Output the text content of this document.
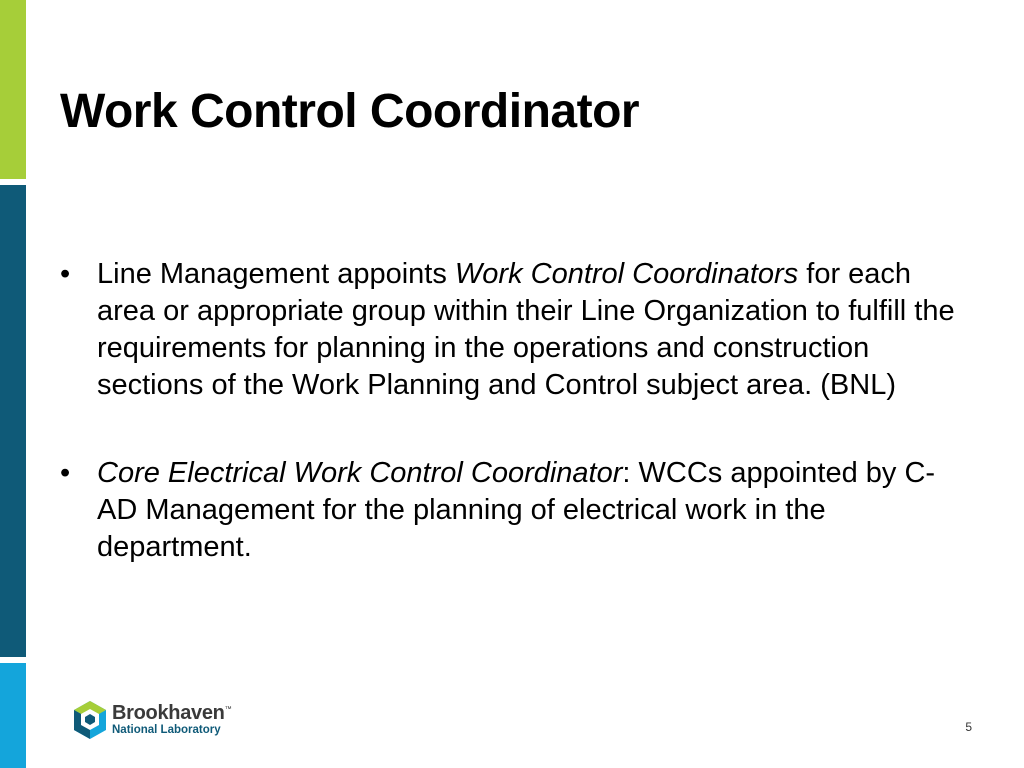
Work Control Coordinator
• Line Management appoints Work Control Coordinators for each area or appropriate group within their Line Organization to fulfill the requirements for planning in the operations and construction sections of the Work Planning and Control subject area. (BNL)
• Core Electrical Work Control Coordinator: WCCs appointed by C-AD Management for the planning of electrical work in the department.
Brookhaven™
National Laboratory	5
